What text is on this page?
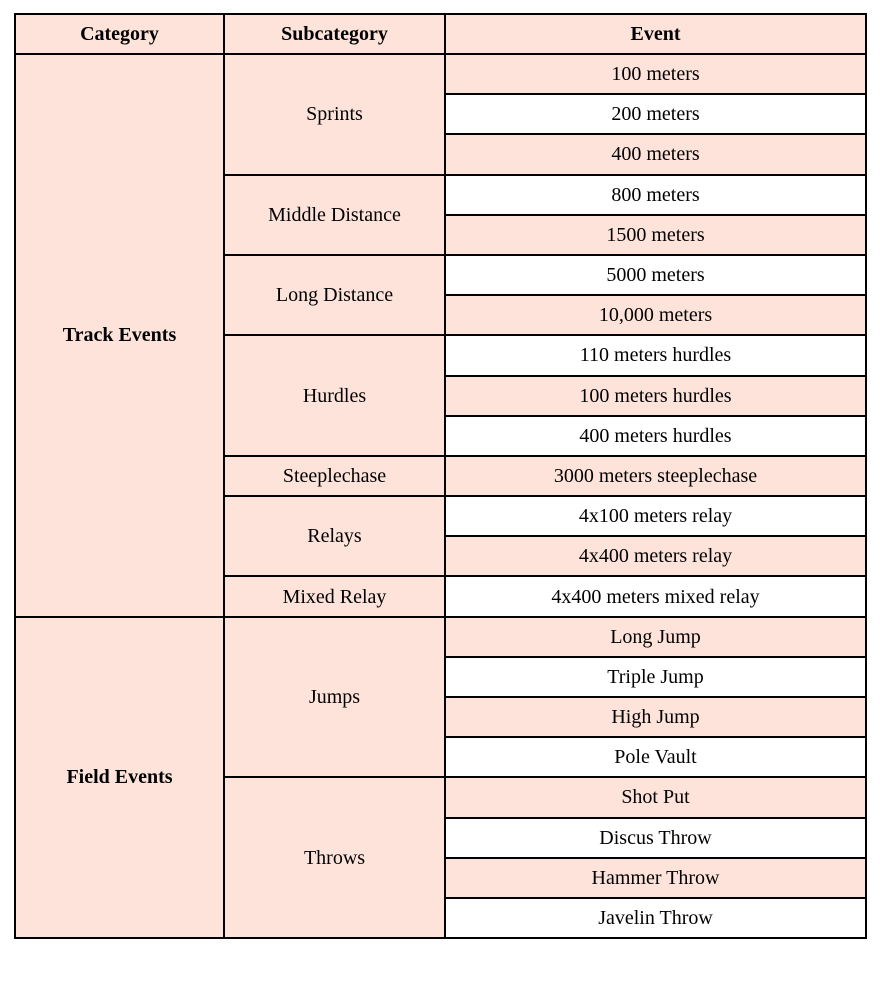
Category	Subcategory	Event
Track Events	Sprints	100 meters
		200 meters
		400 meters
	Middle Distance	800 meters
		1500 meters
	Long Distance	5000 meters
		10,000 meters
	Hurdles	110 meters hurdles
		100 meters hurdles
		400 meters hurdles
	Steeplechase	3000 meters steeplechase
	Relays	4x100 meters relay
		4x400 meters relay
	Mixed Relay	4x400 meters mixed relay
Field Events	Jumps	Long Jump
		Triple Jump
		High Jump
		Pole Vault
	Throws	Shot Put
		Discus Throw
		Hammer Throw
		Javelin Throw
